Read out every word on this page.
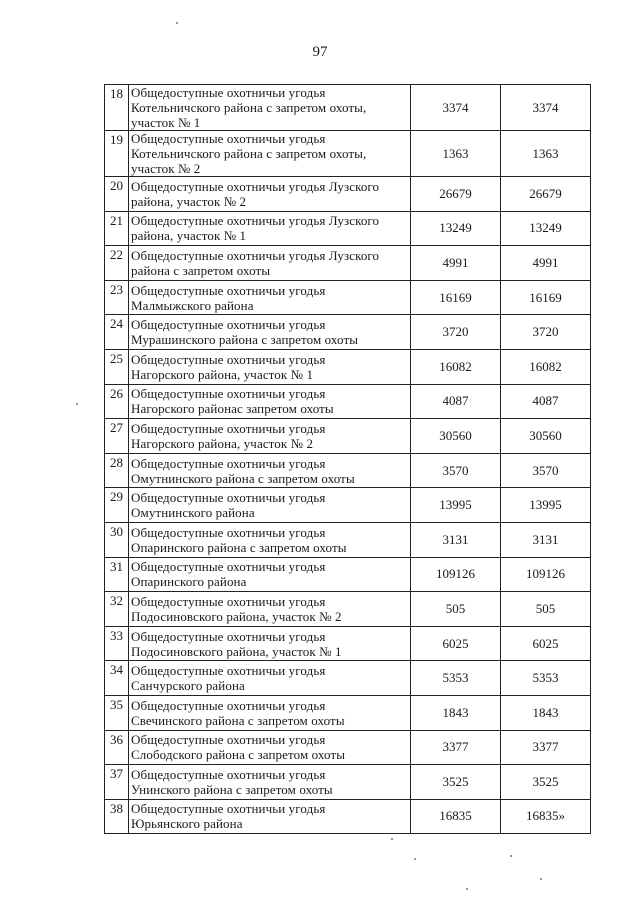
97
18	Общедоступные охотничьи угодья
Котельничского района с запретом охоты,
участок № 1	3374	3374
19	Общедоступные охотничьи угодья
Котельничского района с запретом охоты,
участок № 2	1363	1363
20	Общедоступные охотничьи угодья Лузского
района, участок № 2	26679	26679
21	Общедоступные охотничьи угодья Лузского
района, участок № 1	13249	13249
22	Общедоступные охотничьи угодья Лузского
района с запретом охоты	4991	4991
23	Общедоступные охотничьи угодья
Малмыжского района	16169	16169
24	Общедоступные охотничьи угодья
Мурашинского района с запретом охоты	3720	3720
25	Общедоступные охотничьи угодья
Нагорского района, участок № 1	16082	16082
26	Общедоступные охотничьи угодья
Нагорского районас запретом охоты	4087	4087
27	Общедоступные охотничьи угодья
Нагорского района, участок № 2	30560	30560
28	Общедоступные охотничьи угодья
Омутнинского района с запретом охоты	3570	3570
29	Общедоступные охотничьи угодья
Омутнинского района	13995	13995
30	Общедоступные охотничьи угодья
Опаринского района с запретом охоты	3131	3131
31	Общедоступные охотничьи угодья
Опаринского района	109126	109126
32	Общедоступные охотничьи угодья
Подосиновского района, участок № 2	505	505
33	Общедоступные охотничьи угодья
Подосиновского района, участок № 1	6025	6025
34	Общедоступные охотничьи угодья
Санчурского района	5353	5353
35	Общедоступные охотничьи угодья
Свечинского района с запретом охоты	1843	1843
36	Общедоступные охотничьи угодья
Слободского района с запретом охоты	3377	3377
37	Общедоступные охотничьи угодья
Унинского района с запретом охоты	3525	3525
38	Общедоступные охотничьи угодья
Юрьянского района	16835	16835»
